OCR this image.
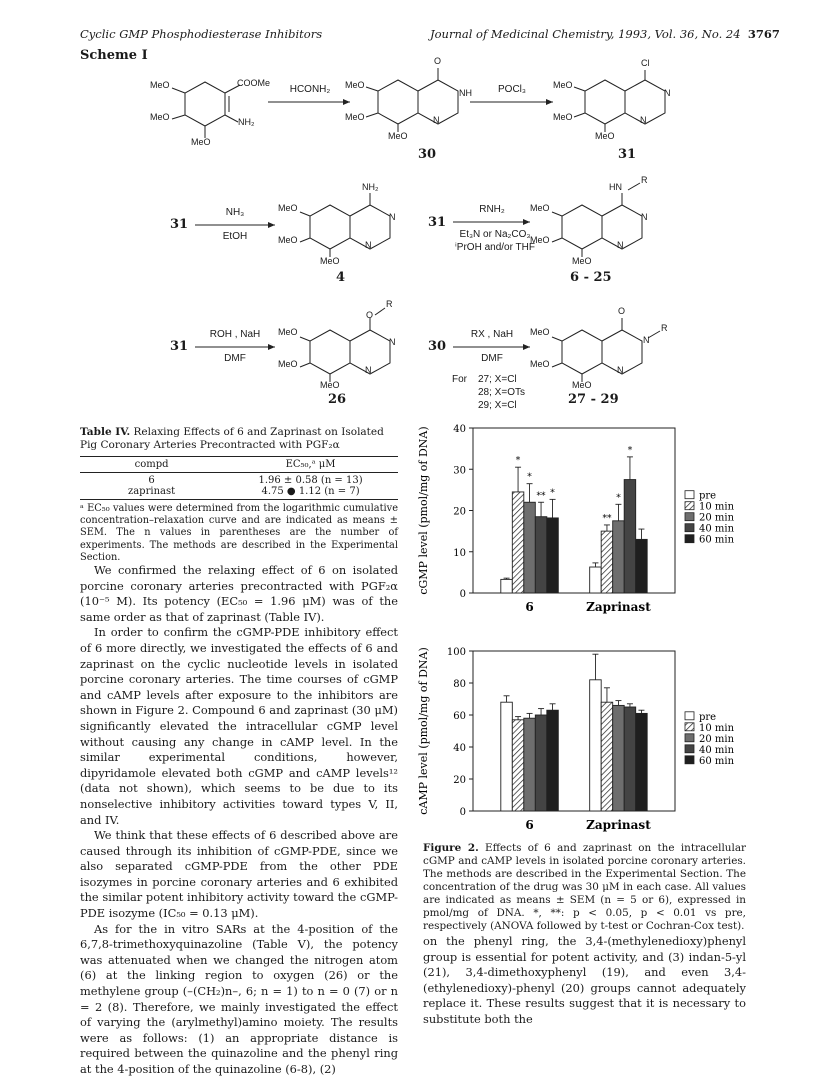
Cyclic GMP Phosphodiesterase Inhibitors	Journal of Medicinal Chemistry, 1993, Vol. 36, No. 24 3767
Scheme I
MeO
MeO
MeO
COOMe
NH₂
MeO
MeO
MeO
O
NH
N
MeO
MeO
MeO
Cl
N
N
MeO
MeO
MeO
NH₂
N
N
MeO
MeO
MeO
HN
R
N
N
MeO
MeO
MeO
O
R
N
N
MeO
MeO
MeO
O
N
R
N
HCONH₂	POCl₃
30	31
31
NH₃
EtOH
4
31
RNH₂
Et₃N or Na₂CO₃
ⁱPrOH and/or THF
6 - 25
31
ROH , NaH
DMF
26
30
RX , NaH
DMF
For 27; X=Cl
28; X=OTs
29; X=Cl	27 - 29
Table IV. Relaxing Effects of 6 and Zaprinast on Isolated Pig Coronary Arteries Precontracted with PGF₂α
compd	EC₅₀,ᵃ μM
6	1.96 ± 0.58 (n = 13)
zaprinast	4.75 ● 1.12 (n = 7)
ᵃ EC₅₀ values were determined from the logarithmic cumulative concentration–relaxation curve and are indicated as means ± SEM. The n values in parentheses are the number of experiments. The methods are described in the Experimental Section.

We confirmed the relaxing effect of 6 on isolated porcine coronary arteries precontracted with PGF₂α (10⁻⁵ M). Its potency (EC₅₀ = 1.96 μM) was of the same order as that of zaprinast (Table IV).

In order to confirm the cGMP-PDE inhibitory effect of 6 more directly, we investigated the effects of 6 and zaprinast on the cyclic nucleotide levels in isolated porcine coronary arteries. The time courses of cGMP and cAMP levels after exposure to the inhibitors are shown in Figure 2. Compound 6 and zaprinast (30 μM) significantly elevated the intracellular cGMP level without causing any change in cAMP level. In the similar experimental conditions, however, dipyridamole elevated both cGMP and cAMP levels¹² (data not shown), which seems to be due to its nonselective inhibitory activities toward types V, II, and IV.

We think that these effects of 6 described above are caused through its inhibition of cGMP-PDE, since we also separated cGMP-PDE from the other PDE isozymes in porcine coronary arteries and 6 exhibited the similar potent inhibitory activity toward the cGMP-PDE isozyme (IC₅₀ = 0.13 μM).

As for the in vitro SARs at the 4-position of the 6,7,8-trimethoxyquinazoline (Table V), the potency was attenuated when we changed the nitrogen atom (6) at the linking region to oxygen (26) or the methylene group (–(CH₂)n–, 6; n = 1) to n = 0 (7) or n = 2 (8). Therefore, we mainly investigated the effect of varying the (arylmethyl)amino moiety. The results were as follows: (1) an appropriate distance is required between the quinazoline and the phenyl ring at the 4-position of the quinazoline (6-8), (2)

0
10
20
30
40
cGMP level (pmol/mg of DNA)	*
*
** *
6
**
*
*
Zaprinast
pre
10 min
20 min
40 min
60 min
0
20
40
60
80
100
cAMP level (pmol/mg of DNA)
6	Zaprinast
pre
10 min
20 min
40 min
60 min
Figure 2. Effects of 6 and zaprinast on the intracellular cGMP and cAMP levels in isolated porcine coronary arteries. The methods are described in the Experimental Section. The concentration of the drug was 30 μM in each case. All values are indicated as means ± SEM (n = 5 or 6), expressed in pmol/mg of DNA. *, **: p < 0.05, p < 0.01 vs pre, respectively (ANOVA followed by t-test or Cochran-Cox test).

on the phenyl ring, the 3,4-(methylenedioxy)phenyl group is essential for potent activity, and (3) indan-5-yl (21), 3,4-dimethoxyphenyl (19), and even 3,4-(ethylenedioxy)-phenyl (20) groups cannot adequately replace it. These results suggest that it is necessary to substitute both the
